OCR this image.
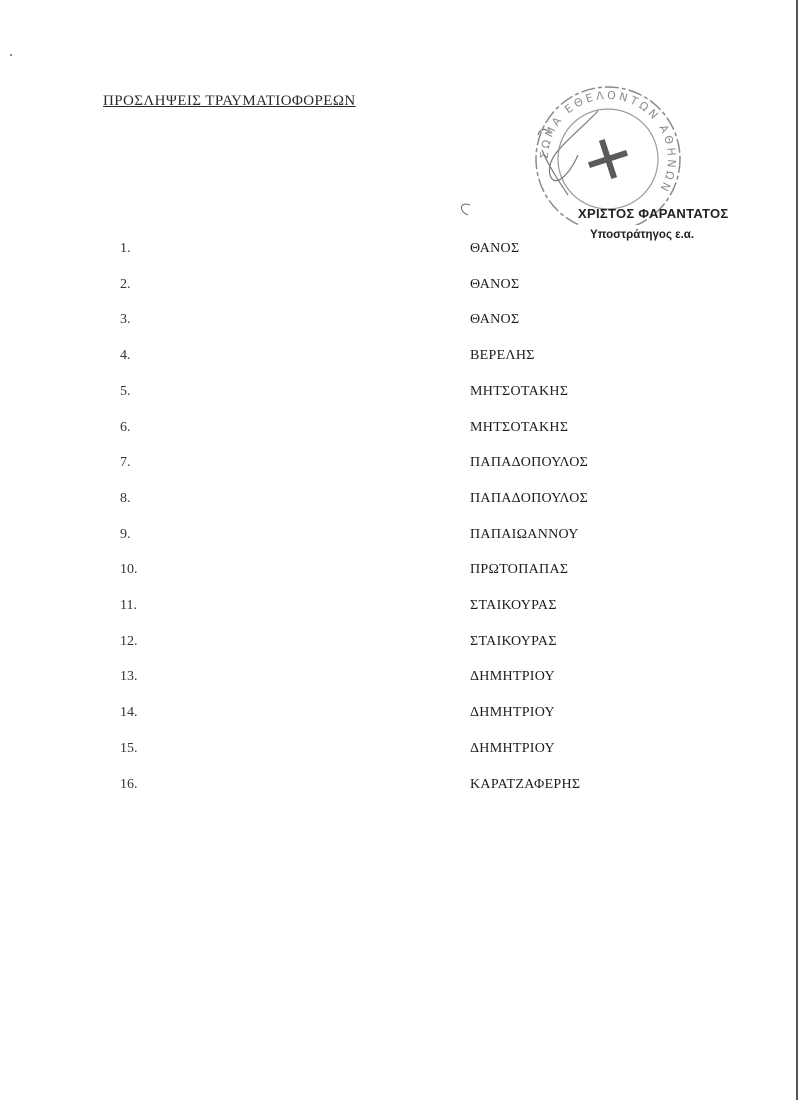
ΠΡΟΣΛΗΨΕΙΣ ΤΡΑΥΜΑΤΙΟΦΟΡΕΩΝ
ΣΩΜΑ ΕΘΕΛΟΝΤΩΝ ΑΘΗΝΩΝ
ΧΡΙΣΤΟΣ ΦΑΡΑΝΤΑΤΟΣ
Υποστράτηγος ε.α.
1.	ΘΑΝΟΣ
2.	ΘΑΝΟΣ
3.	ΘΑΝΟΣ
4.	ΒΕΡΕΛΗΣ
5.	ΜΗΤΣΟΤΑΚΗΣ
6.	ΜΗΤΣΟΤΑΚΗΣ
7.	ΠΑΠΑΔΟΠΟΥΛΟΣ
8.	ΠΑΠΑΔΟΠΟΥΛΟΣ
9.	ΠΑΠΑΙΩΑΝΝΟΥ
10.	ΠΡΩΤΟΠΑΠΑΣ
11.	ΣΤΑΙΚΟΥΡΑΣ
12.	ΣΤΑΙΚΟΥΡΑΣ
13.	ΔΗΜΗΤΡΙΟΥ
14.	ΔΗΜΗΤΡΙΟΥ
15.	ΔΗΜΗΤΡΙΟΥ
16.	ΚΑΡΑΤΖΑΦΕΡΗΣ
